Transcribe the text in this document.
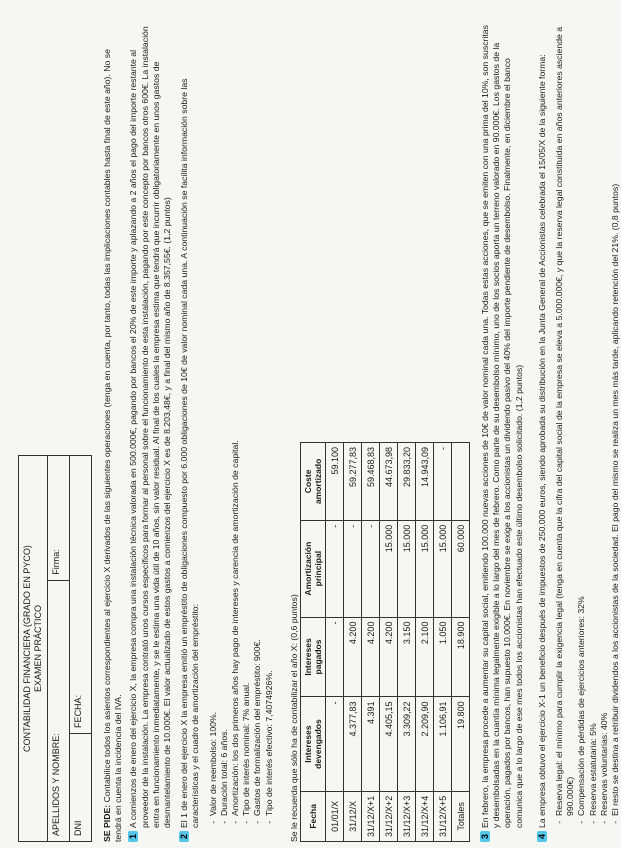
CONTABILIDAD FINANCIERA (GRADO EN PYCO) EXAMEN PRÁCTICO
APELLIDOS Y NOMBRE:
Firma:
DNI
FECHA:

SE PIDE: Contabilice todos los asientos correspondientes al ejercicio X derivados de las siguientes operaciones (tenga en cuenta, por tanto, todas las implicaciones contables hasta final de este año). No se tendrá en cuenta la incidencia del IVA. 1

A comienzos de enero del ejercicio X, la empresa compra una instalación técnica valorada en 500.000€, pagando por bancos el 20% de este importe y aplazando a 2 años el pago del importe restante al proveedor de la instalación. La empresa contrató unos cursos específicos para formar al personal sobre el funcionamiento de esta instalación, pagando por este concepto por bancos otros 600€. La instalación entra en funcionamiento inmediatamente, y se le estima una vida útil de 10 años, sin valor residual. Al final de los cuales la empresa estima que tendrá que incurrir obligatoriamente en unos gastos de desmantelamiento de 10.000€. El valor actualizado de estos gastos a comienzos del ejercicio X es de 8.203,48€, y a final del mismo año de 8.357,55€. (1,2 puntos)

2

El 1 de enero del ejercicio X la empresa emitió un empréstito de obligaciones compuesto por 6.000 obligaciones de 10€ de valor nominal cada una. A continuación se facilita información sobre las características y el cuadro de amortización del empréstito: - Valor de reembolso: 100%. - Duración total: 6 años. - Amortización: los dos primeros años hay pago de intereses y carencia de amortización de capital. - Tipo de interés nominal: 7% anual. - Gastos de formalización del empréstito: 900€. - Tipo de interés efectivo: 7,4074926%. Se le recuerda que sólo ha de contabilizar el año X: (0,6 puntos) Fecha	Intereses devengados	Intereses pagados	Amortización principal	Coste amortizado
01/01/X	-	-	-	59.100
31/12/X	4.377,83	4.200	-	59.277,83
31/12/X+1	4.391	4.200	-	59.468,83
31/12/X+2	4.405,15	4.200	15.000	44.673,98
31/12/X+3	3.309,22	3.150	15.000	29.833,20
31/12/X+4	2.209,90	2.100	15.000	14.943,09
31/12/X+5	1.106,91	1.050	15.000	-
Totales	19.800	18.900	60.000	
3

En febrero, la empresa procede a aumentar su capital social, emitiendo 100.000 nuevas acciones de 10€ de valor nominal cada una. Todas estas acciones, que se emiten con una prima del 10%, son suscritas y desembolsadas en la cuantía mínima legalmente exigible a lo largo del mes de febrero. Como parte de su desembolso mínimo, uno de los socios aporta un terreno valorado en 90.000€. Los gastos de la operación, pagados por bancos, han supuesto 10.000€. En noviembre se exige a los accionistas un dividendo pasivo del 40% del importe pendiente de desembolso. Finalmente, en diciembre el banco comunica que a lo largo de ese mes todos los accionistas han efectuado este último desembolso solicitado. (1,2 puntos)

4

La empresa obtuvo el ejercicio X-1 un beneficio después de impuestos de 250.000 euros, siendo aprobada su distribución en la Junta General de Accionistas celebrada el 15/05/X de la siguiente forma: - Reserva legal: el mínimo para cumplir la exigencia legal (tenga en cuenta que la cifra del capital social de la empresa se eleva a 5.000.000€, y que la reserva legal constituida en años anteriores asciende a 990.000€) - Compensación de pérdidas de ejercicios anteriores: 32% - Reserva estatutaria: 5% - Reservas voluntarias: 40% - El resto se destina a retribuir dividendos a los accionistas de la sociedad. El pago del mismo se realiza un mes más tarde, aplicando retención del 21%. (0,8 puntos)
